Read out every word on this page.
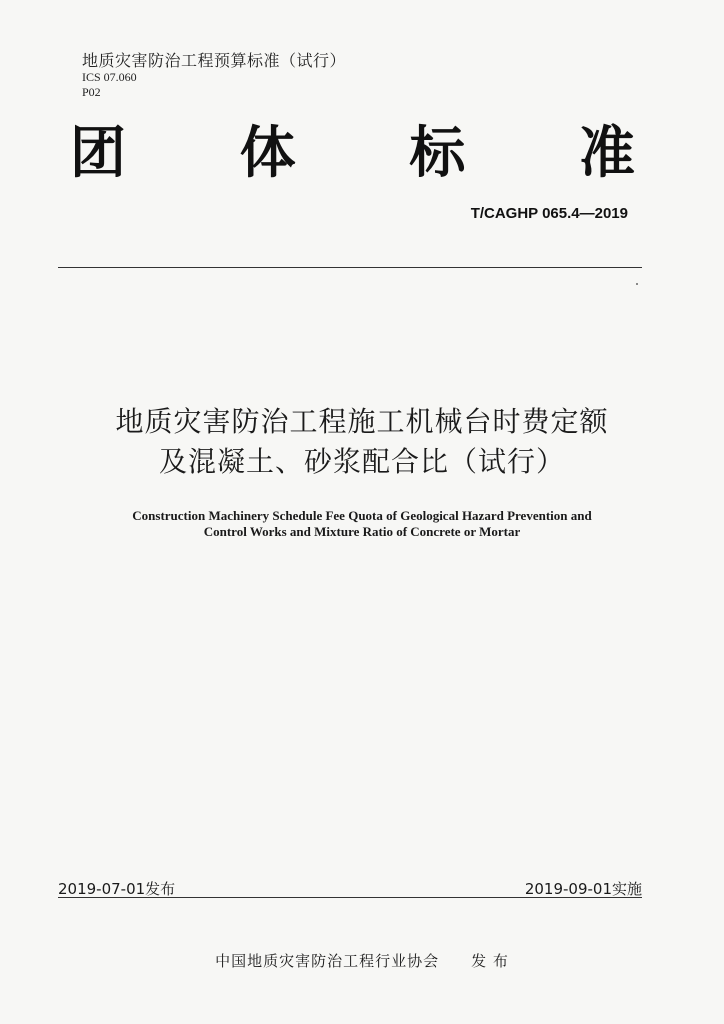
地质灾害防治工程预算标准（试行）
ICS 07.060
P02
团 体 标 准
T/CAGHP 065.4—2019
地质灾害防治工程施工机械台时费定额
及混凝土、砂浆配合比（试行）
Construction Machinery Schedule Fee Quota of Geological Hazard Prevention and
Control Works and Mixture Ratio of Concrete or Mortar
2019-07-01发布	2019-09-01实施
中国地质灾害防治工程行业协会 发 布
